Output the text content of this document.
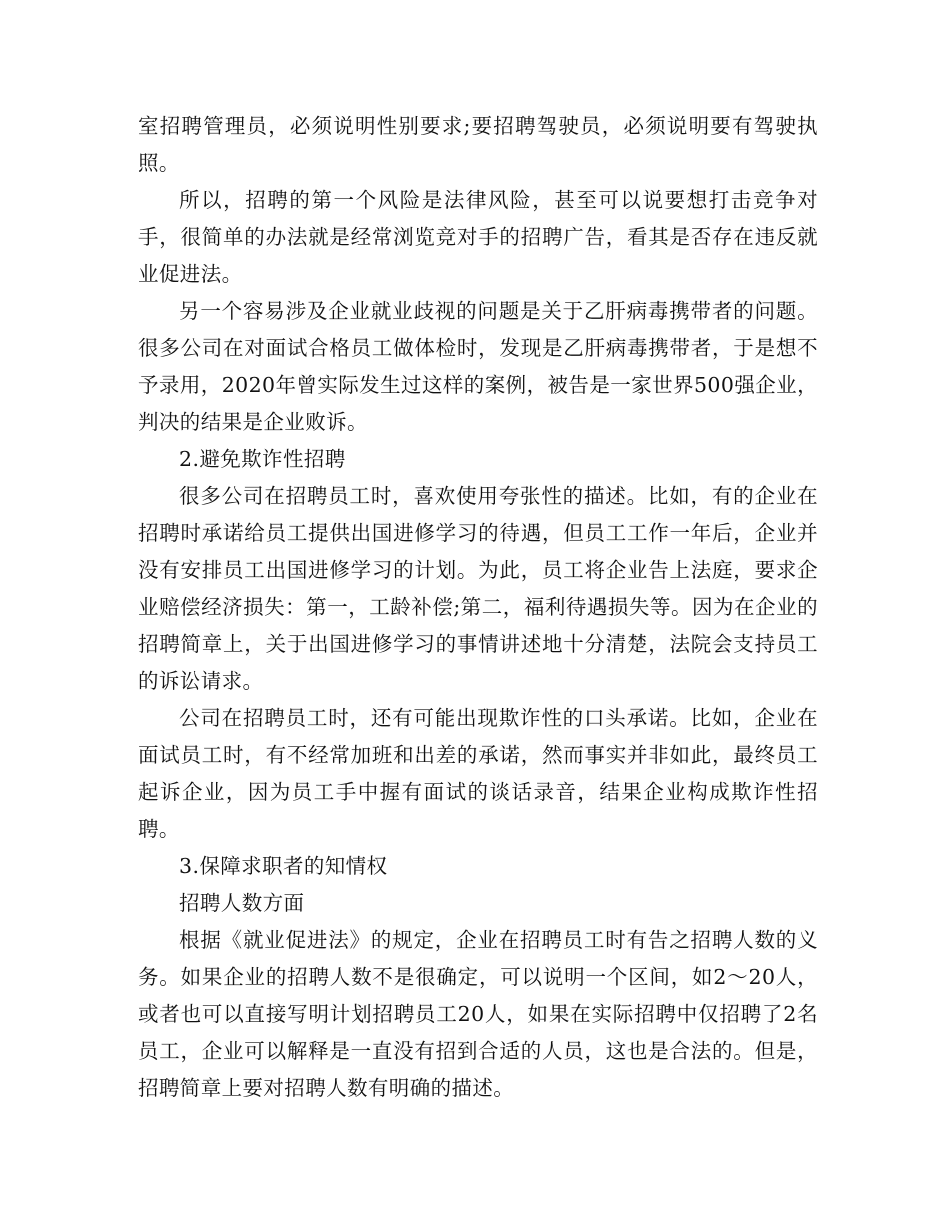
室招聘管理员，必须说明性别要求;要招聘驾驶员，必须说明要有驾驶执照。

所以，招聘的第一个风险是法律风险，甚至可以说要想打击竞争对手，很简单的办法就是经常浏览竞对手的招聘广告，看其是否存在违反就业促进法。

另一个容易涉及企业就业歧视的问题是关于乙肝病毒携带者的问题。很多公司在对面试合格员工做体检时，发现是乙肝病毒携带者，于是想不予录用，2020年曾实际发生过这样的案例，被告是一家世界500强企业，判决的结果是企业败诉。

2.避免欺诈性招聘

很多公司在招聘员工时，喜欢使用夸张性的描述。比如，有的企业在招聘时承诺给员工提供出国进修学习的待遇，但员工工作一年后，企业并没有安排员工出国进修学习的计划。为此，员工将企业告上法庭，要求企业赔偿经济损失：第一，工龄补偿;第二，福利待遇损失等。因为在企业的招聘简章上，关于出国进修学习的事情讲述地十分清楚，法院会支持员工的诉讼请求。

公司在招聘员工时，还有可能出现欺诈性的口头承诺。比如，企业在面试员工时，有不经常加班和出差的承诺，然而事实并非如此，最终员工起诉企业，因为员工手中握有面试的谈话录音，结果企业构成欺诈性招聘。

3.保障求职者的知情权

招聘人数方面

根据《就业促进法》的规定，企业在招聘员工时有告之招聘人数的义务。如果企业的招聘人数不是很确定，可以说明一个区间，如2～20人，或者也可以直接写明计划招聘员工20人，如果在实际招聘中仅招聘了2名员工，企业可以解释是一直没有招到合适的人员，这也是合法的。但是，招聘简章上要对招聘人数有明确的描述。
